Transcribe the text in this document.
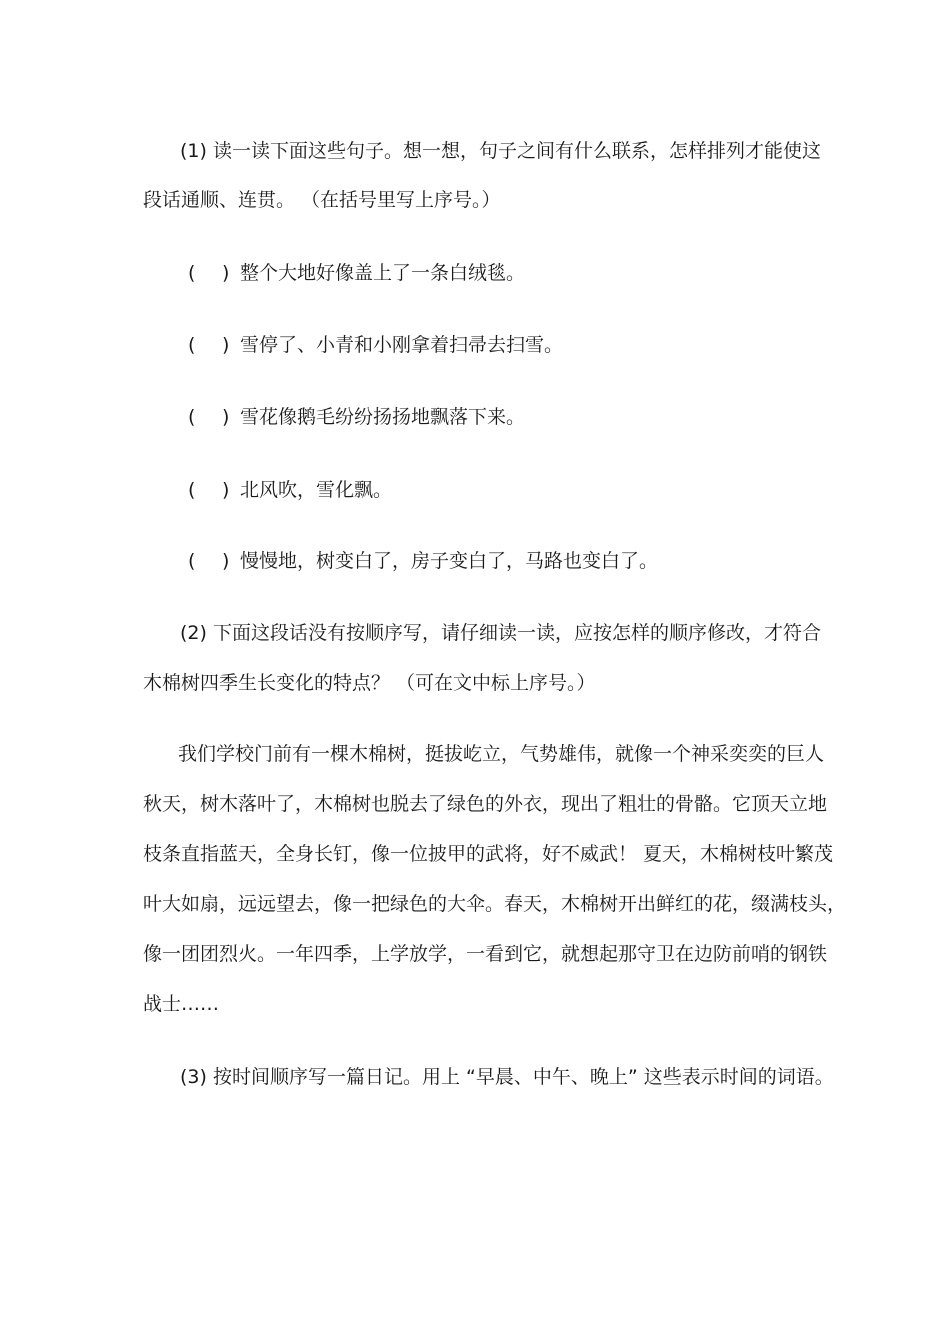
(1) 读一读下面这些句子。想一想，句子之间有什么联系，怎样排列才能使这
段话通顺、连贯。 （在括号里写上序号。）
( ) 整个大地好像盖上了一条白绒毯。
( ) 雪停了、小青和小刚拿着扫帚去扫雪。
( ) 雪花像鹅毛纷纷扬扬地飘落下来。
( ) 北风吹，雪化飘。
( ) 慢慢地，树变白了，房子变白了，马路也变白了。
(2) 下面这段话没有按顺序写，请仔细读一读，应按怎样的顺序修改，才符合
木棉树四季生长变化的特点？ （可在文中标上序号。）
我们学校门前有一棵木棉树，挺拔屹立，气势雄伟，就像一个神采奕奕的巨人
秋天，树木落叶了，木棉树也脱去了绿色的外衣，现出了粗壮的骨骼。它顶天立地
枝条直指蓝天，全身长钉，像一位披甲的武将，好不威武！ 夏天，木棉树枝叶繁茂
叶大如扇，远远望去，像一把绿色的大伞。春天，木棉树开出鲜红的花，缀满枝头，
像一团团烈火。一年四季，上学放学，一看到它，就想起那守卫在边防前哨的钢铁
战士……
(3) 按时间顺序写一篇日记。用上 “早晨、中午、晚上” 这些表示时间的词语。
